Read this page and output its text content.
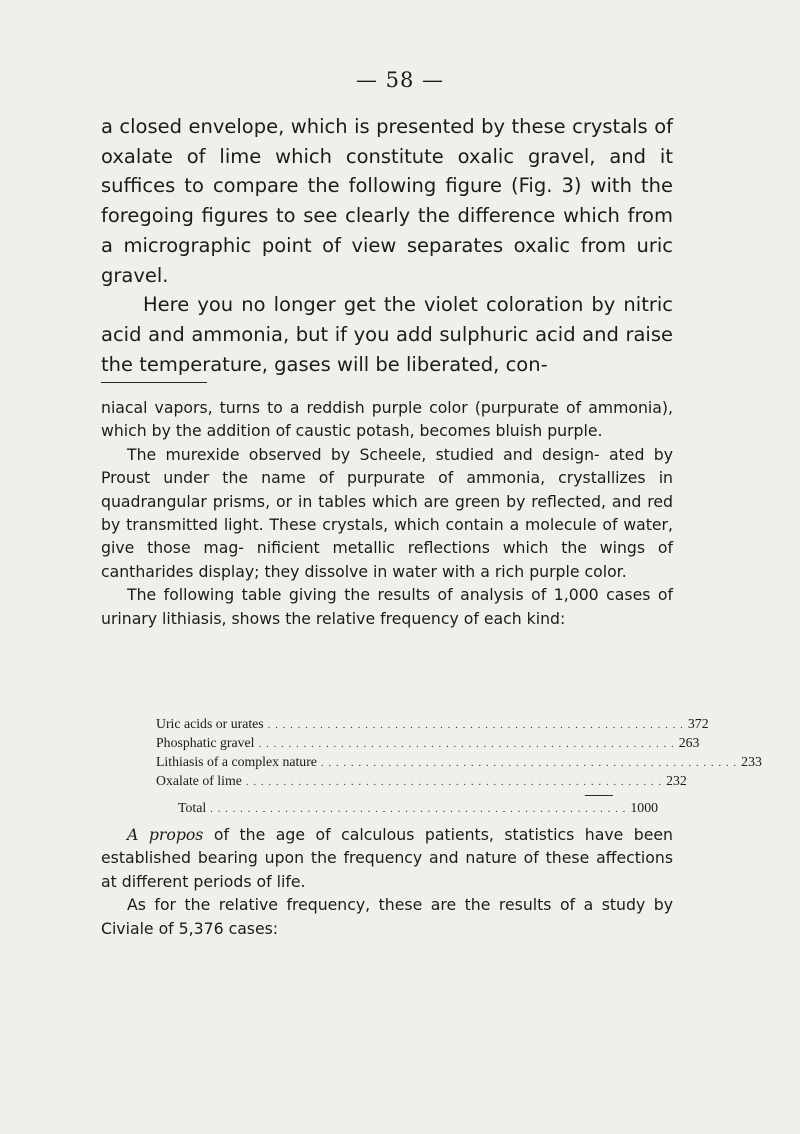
— 58 —

a closed envelope, which is presented by these crystals of oxalate of lime which constitute oxalic gravel, and it suffices to compare the following figure (Fig. 3) with the foregoing figures to see clearly the difference which from a micrographic point of view separates oxalic from uric gravel.

Here you no longer get the violet coloration by nitric acid and ammonia, but if you add sulphuric acid and raise the temperature, gases will be liberated, con-

niacal vapors, turns to a reddish purple color (purpurate of ammonia), which by the addition of caustic potash, becomes bluish purple.

The murexide observed by Scheele, studied and design- ated by Proust under the name of purpurate of ammonia, crystallizes in quadrangular prisms, or in tables which are green by reflected, and red by transmitted light. These crystals, which contain a molecule of water, give those mag- nificient metallic reflections which the wings of cantharides display; they dissolve in water with a rich purple color.

The following table giving the results of analysis of 1,000 cases of urinary lithiasis, shows the relative frequency of each kind:

Uric acids or urates . . . . . . . . . . . . . . . . . . . . . . . . . . . . . . . . . . . . . . . . . . . . . . . . . . . . . . . . 372
Phosphatic gravel . . . . . . . . . . . . . . . . . . . . . . . . . . . . . . . . . . . . . . . . . . . . . . . . . . . . . . . . 263
Lithiasis of a complex nature . . . . . . . . . . . . . . . . . . . . . . . . . . . . . . . . . . . . . . . . . . . . . . . . . . . . . . . . 233
Oxalate of lime . . . . . . . . . . . . . . . . . . . . . . . . . . . . . . . . . . . . . . . . . . . . . . . . . . . . . . . . 232
Total . . . . . . . . . . . . . . . . . . . . . . . . . . . . . . . . . . . . . . . . . . . . . . . . . . . . . . . . 1000

A propos of the age of calculous patients, statistics have been established bearing upon the frequency and nature of these affections at different periods of life.

As for the relative frequency, these are the results of a study by Civiale of 5,376 cases:
